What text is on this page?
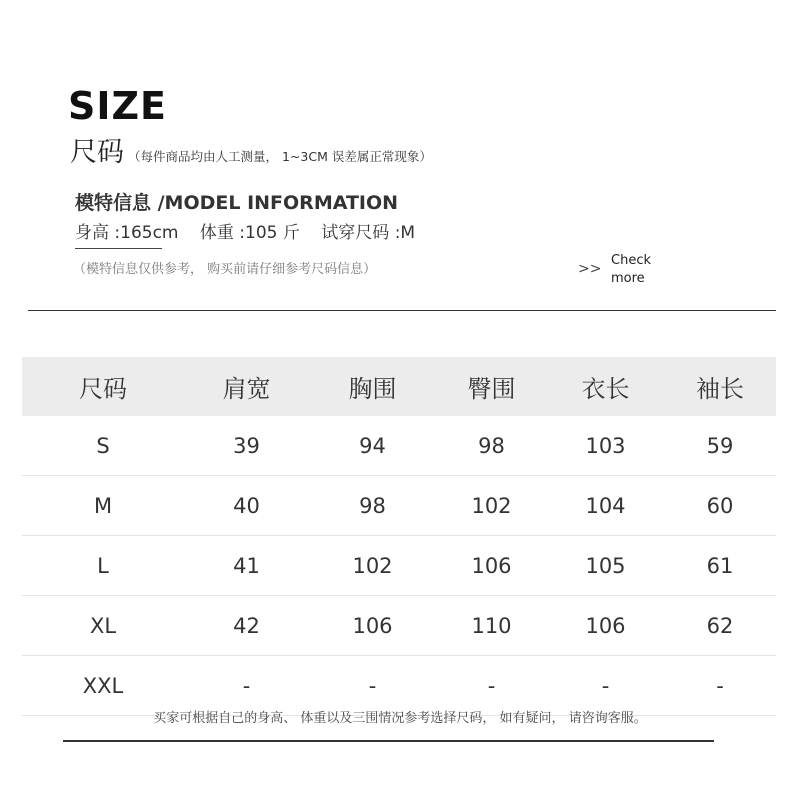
SIZE
尺码 （每件商品均由人工测量， 1~3CM 误差属正常现象）
模特信息 /MODEL INFORMATION
身高 :165cm 体重 :105 斤 试穿尺码 :M
（模特信息仅供参考， 购买前请仔细参考尺码信息）	>>
Check more
尺码	肩宽	胸围	臀围	衣长	袖长
S	39	94	98	103	59
M	40	98	102	104	60
L	41	102	106	105	61
XL	42	106	110	106	62
XXL	-	-	-	-	-
买家可根据自己的身高、 体重以及三围情况参考选择尺码， 如有疑问， 请咨询客服。
